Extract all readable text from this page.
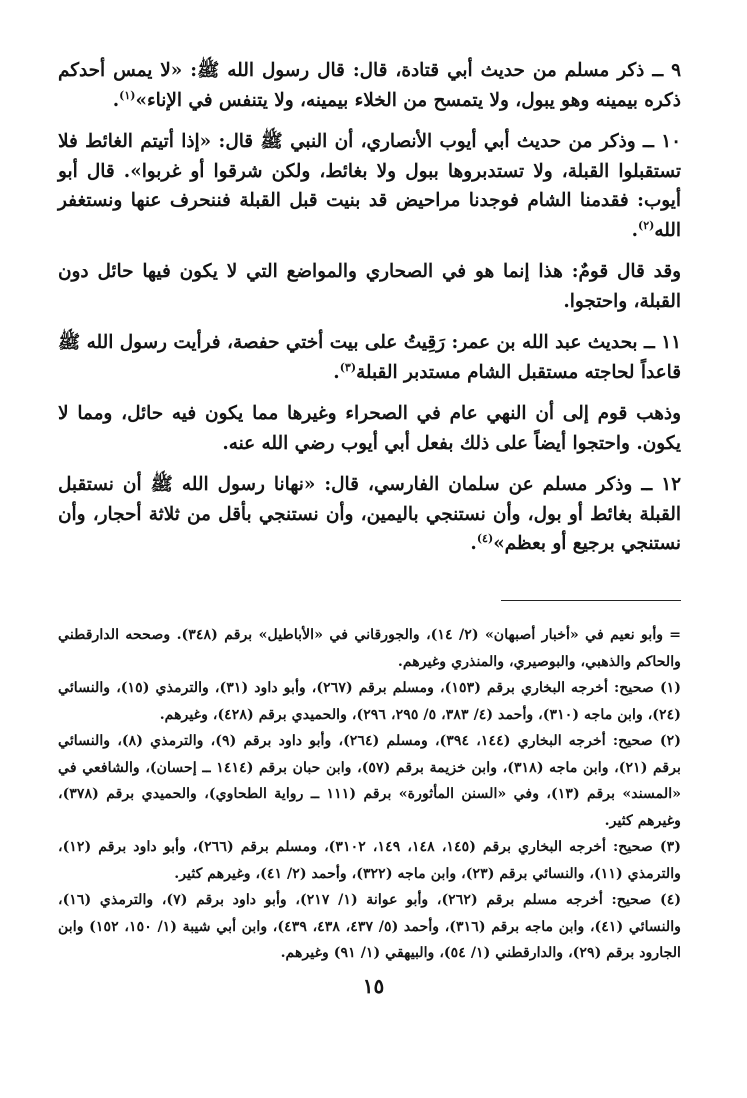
٩ ــ ذكر مسلم من حديث أبي قتادة، قال: قال رسول الله ﷺ: «لا يمس أحدكم ذكره بيمينه وهو يبول، ولا يتمسح من الخلاء بيمينه، ولا يتنفس في الإناء»$^{(١)}$.

١٠ ــ وذكر من حديث أبي أيوب الأنصاري، أن النبي ﷺ قال: «إذا أتيتم الغائط فلا تستقبلوا القبلة، ولا تستدبروها ببول ولا بغائط، ولكن شرقوا أو غربوا». قال أبو أيوب: فقدمنا الشام فوجدنا مراحيض قد بنيت قبل القبلة فننحرف عنها ونستغفر الله$^{(٢)}$.

وقد قال قومٌ: هذا إنما هو في الصحاري والمواضع التي لا يكون فيها حائل دون القبلة، واحتجوا.

١١ ــ بحديث عبد الله بن عمر: رَقِيتُ على بيت أختي حفصة، فرأيت رسول الله ﷺ قاعداً لحاجته مستقبل الشام مستدبر القبلة$^{(٣)}$.

وذهب قوم إلى أن النهي عام في الصحراء وغيرها مما يكون فيه حائل، ومما لا يكون. واحتجوا أيضاً على ذلك بفعل أبي أيوب رضي الله عنه.

١٢ ــ وذكر مسلم عن سلمان الفارسي، قال: «نهانا رسول الله ﷺ أن نستقبل القبلة بغائط أو بول، وأن نستنجي باليمين، وأن نستنجي بأقل من ثلاثة أحجار، وأن نستنجي برجيع أو بعظم»$^{(٤)}$.

=وأبو نعيم في «أخبار أصبهان» (٢/ ١٤)، والجورقاني في «الأباطيل» برقم (٣٤٨). وصححه الدارقطني والحاكم والذهبي، والبوصيري، والمنذري وغيرهم.

(١) صحيح: أخرجه البخاري برقم (١٥٣)، ومسلم برقم (٢٦٧)، وأبو داود (٣١)، والترمذي (١٥)، والنسائي (٢٤)، وابن ماجه (٣١٠)، وأحمد (٤/ ٣٨٣، ٥/ ٢٩٥، ٢٩٦)، والحميدي برقم (٤٢٨)، وغيرهم.

(٢) صحيح: أخرجه البخاري (١٤٤، ٣٩٤)، ومسلم (٢٦٤)، وأبو داود برقم (٩)، والترمذي (٨)، والنسائي برقم (٢١)، وابن ماجه (٣١٨)، وابن خزيمة برقم (٥٧)، وابن حبان برقم (١٤١٤ ــ إحسان)، والشافعي في «المسند» برقم (١٣)، وفي «السنن المأثورة» برقم (١١١ ــ رواية الطحاوي)، والحميدي برقم (٣٧٨)، وغيرهم كثير.

(٣) صحيح: أخرجه البخاري برقم (١٤٥، ١٤٨، ١٤٩، ٣١٠٢)، ومسلم برقم (٢٦٦)، وأبو داود برقم (١٢)، والترمذي (١١)، والنسائي برقم (٢٣)، وابن ماجه (٣٢٢)، وأحمد (٢/ ٤١)، وغيرهم كثير.

(٤) صحيح: أخرجه مسلم برقم (٢٦٢)، وأبو عوانة (١/ ٢١٧)، وأبو داود برقم (٧)، والترمذي (١٦)، والنسائي (٤١)، وابن ماجه برقم (٣١٦)، وأحمد (٥/ ٤٣٧، ٤٣٨، ٤٣٩)، وابن أبي شيبة (١/ ١٥٠، ١٥٢) وابن الجارود برقم (٢٩)، والدارقطني (١/ ٥٤)، والبيهقي (١/ ٩١) وغيرهم.

١٥
